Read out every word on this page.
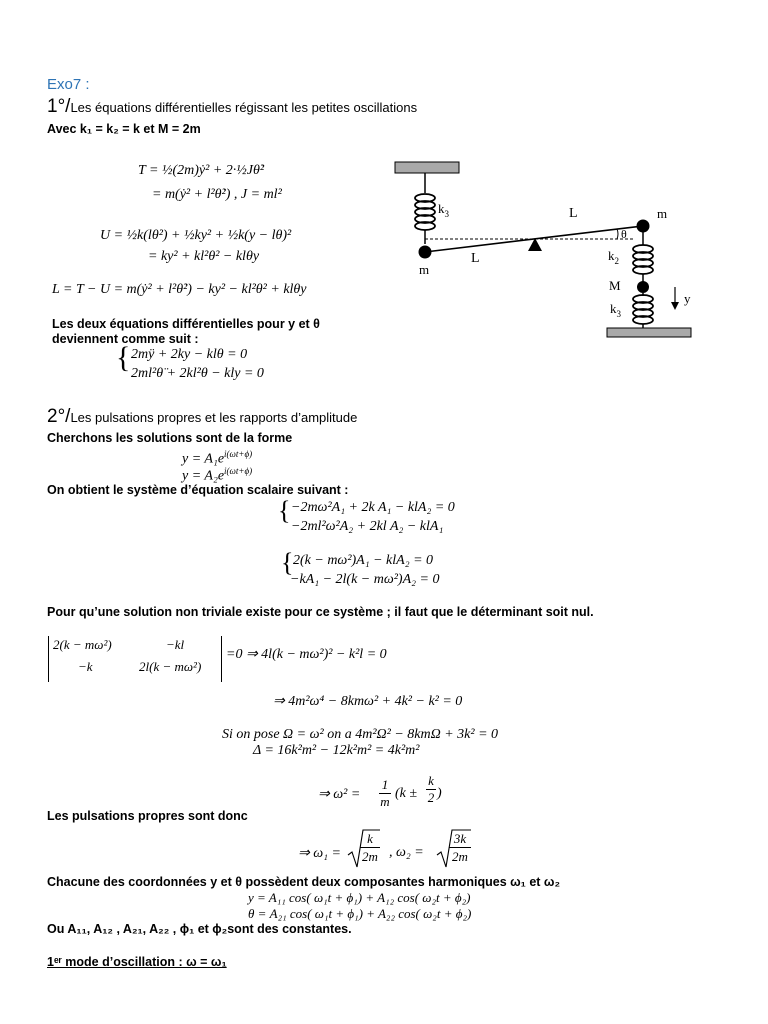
Exo7 :
1°/Les équations différentielles régissant les petites oscillations
Avec k₁ = k₂ = k et M = 2m
T = ½(2m)ẏ² + 2·½Jθ̇²
= m(ẏ² + l²θ̇²) , J = ml²
U = ½k(lθ²) + ½ky² + ½k(y − lθ)²
= ky² + kl²θ² − klθy
L = T − U = m(ẏ² + l²θ̇²) − ky² − kl²θ² + klθy
Les deux équations différentielles pour y et θ
deviennent comme suit :
{ 2mÿ + 2ky − klθ = 0
2ml²θ̈ + 2kl²θ − kly = 0
$k_3$	L	m
θ
$k_2$
m
L
M
y
$k_3$
2°/Les pulsations propres et les rapports d’amplitude
Cherchons les solutions sont de la forme
$y = A_1e^{i(\omega t+\phi)}$
$y = A_2e^{i(\omega t+\phi)}$
On obtient le système d’équation scalaire suivant :
{ −2mω²A₁ + 2k A₁ − klA₂ = 0
−2ml²ω²A₂ + 2kl A₂ − klA₁
{ 2(k − mω²)A₁ − klA₂ = 0
−kA₁ − 2l(k − mω²)A₂ = 0
Pour qu’une solution non triviale existe pour ce système ; il faut que le déterminant soit nul.
2(k − mω²)	−kl
−k	2l(k − mω²)
=0 ⇒ 4l(k − mω²)² − k²l = 0
⇒ 4m²ω⁴ − 8kmω² + 4k² − k² = 0
Si on pose Ω = ω² on a 4m²Ω² − 8kmΩ + 3k² = 0
Δ = 16k²m² − 12k²m² = 4k²m²
⇒ ω² =
1
m
(k ±
k
2 )
Les pulsations propres sont donc
⇒ ω₁ =
k
2m , ω₂ =
3k
2m
Chacune des coordonnées y et θ possèdent deux composantes harmoniques ω₁ et ω₂
y = A₁₁ cos( ω₁t + ϕ₁) + A₁₂ cos( ω₂t + ϕ₂)
θ = A₂₁ cos( ω₁t + ϕ₁) + A₂₂ cos( ω₂t + ϕ₂)
Ou A₁₁, A₁₂ , A₂₁, A₂₂ , ϕ₁ et ϕ₂sont des constantes.
1ᵉʳ mode d’oscillation : ω = ω₁
